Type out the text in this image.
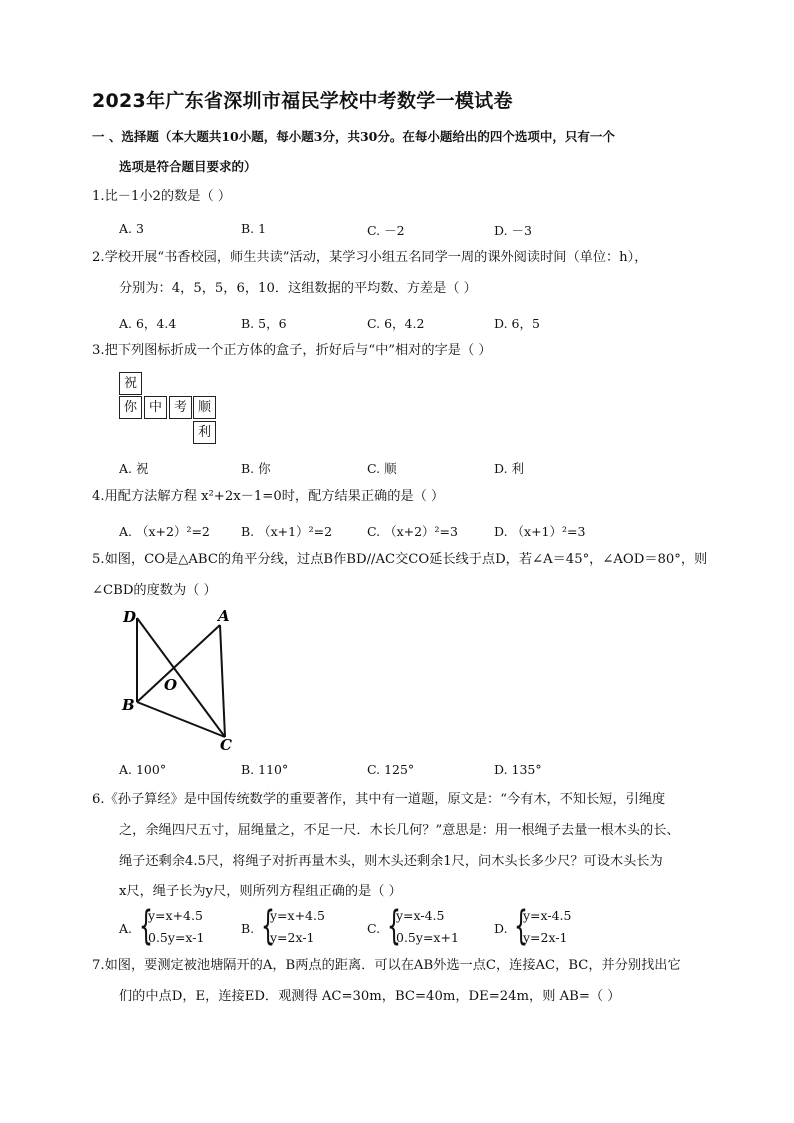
2023年广东省深圳市福民学校中考数学一模试卷
一 、选择题（本大题共10小题，每小题3分，共30分。在每小题给出的四个选项中，只有一个
选项是符合题目要求的）
1.比－1小2的数是（ ）
A. 3	B. 1	C. －2	D. －3
2.学校开展“书香校园，师生共读”活动，某学习小组五名同学一周的课外阅读时间（单位：h），
分别为：4，5，5，6，10．这组数据的平均数、方差是（ ）
A. 6，4.4	B. 5，6	C. 6，4.2	D. 6，5
3.把下列图标折成一个正方体的盒子，折好后与“中”相对的字是（ ）
祝
你 中 考 顺
利
A. 祝	B. 你	C. 顺	D. 利
4.用配方法解方程 x²+2x－1=0时，配方结果正确的是（ ）
A. （x+2）²=2 B. （x+1）²=2	C. （x+2）²=3	D. （x+1）²=3
5.如图，CO是△ABC的角平分线，过点B作BD//AC交CO延长线于点D，若∠A＝45°，∠AOD＝80°，则
∠CBD的度数为（ ）
D	A
O
B
C
A. 100°	B. 110°	C. 125°	D. 135°
6.《孙子算经》是中国传统数学的重要著作，其中有一道题，原文是：“今有木，不知长短，引绳度
之，余绳四尺五寸，屈绳量之，不足一尺．木长几何？”意思是：用一根绳子去量一根木头的长、
绳子还剩余4.5尺，将绳子对折再量木头，则木头还剩余1尺，问木头长多少尺？可设木头长为
x尺，绳子长为y尺，则所列方程组正确的是（ ）
A. {
y=x+4.5
0.5y=x-1
B. {
y=x+4.5
y=2x-1
C. {
y=x-4.5
0.5y=x+1
D. {
y=x-4.5
y=2x-1
7.如图，要测定被池塘隔开的A，B两点的距离．可以在AB外选一点C，连接AC，BC，并分别找出它
们的中点D，E，连接ED．观测得 AC=30m，BC=40m，DE=24m，则 AB=（ ）
